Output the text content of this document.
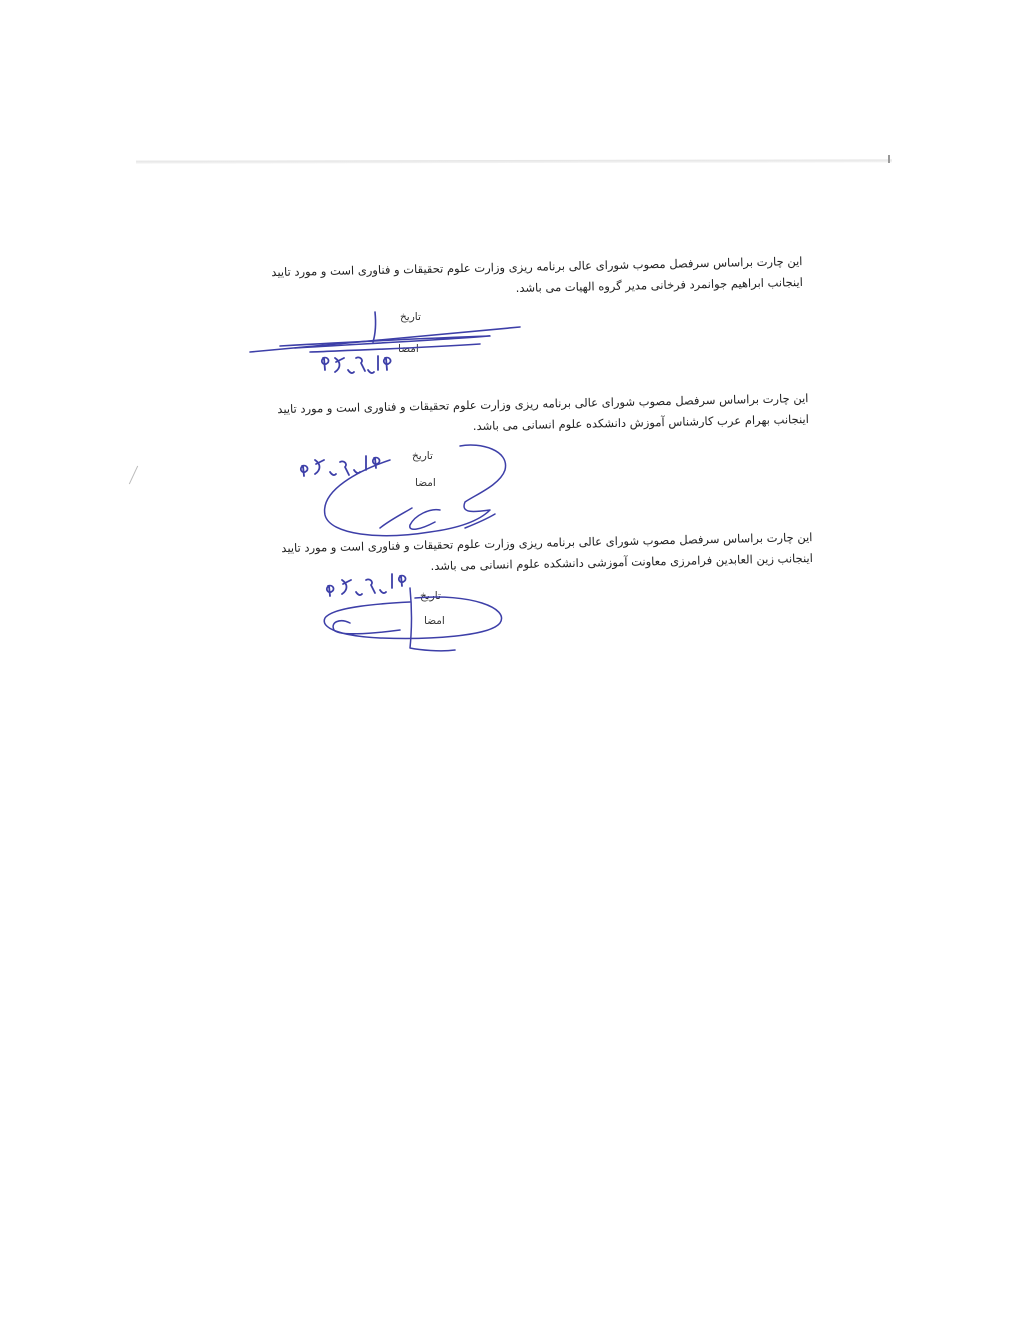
این چارت براساس سرفصل مصوب شورای عالی برنامه ریزی وزارت علوم تحقیقات و فناوری است و مورد تایید

اینجانب ابراهیم جوانمرد فرخانی مدیر گروه الهیات می باشد.

تاریخ
امضا

این چارت براساس سرفصل مصوب شورای عالی برنامه ریزی وزارت علوم تحقیقات و فناوری است و مورد تایید

اینجانب بهرام عرب کارشناس آموزش دانشکده علوم انسانی می باشد.

تاریخ
امضا

این چارت براساس سرفصل مصوب شورای عالی برنامه ریزی وزارت علوم تحقیقات و فناوری است و مورد تایید

اینجانب زین العابدین فرامرزی معاونت آموزشی دانشکده علوم انسانی می باشد.

تاریخ
امضا
